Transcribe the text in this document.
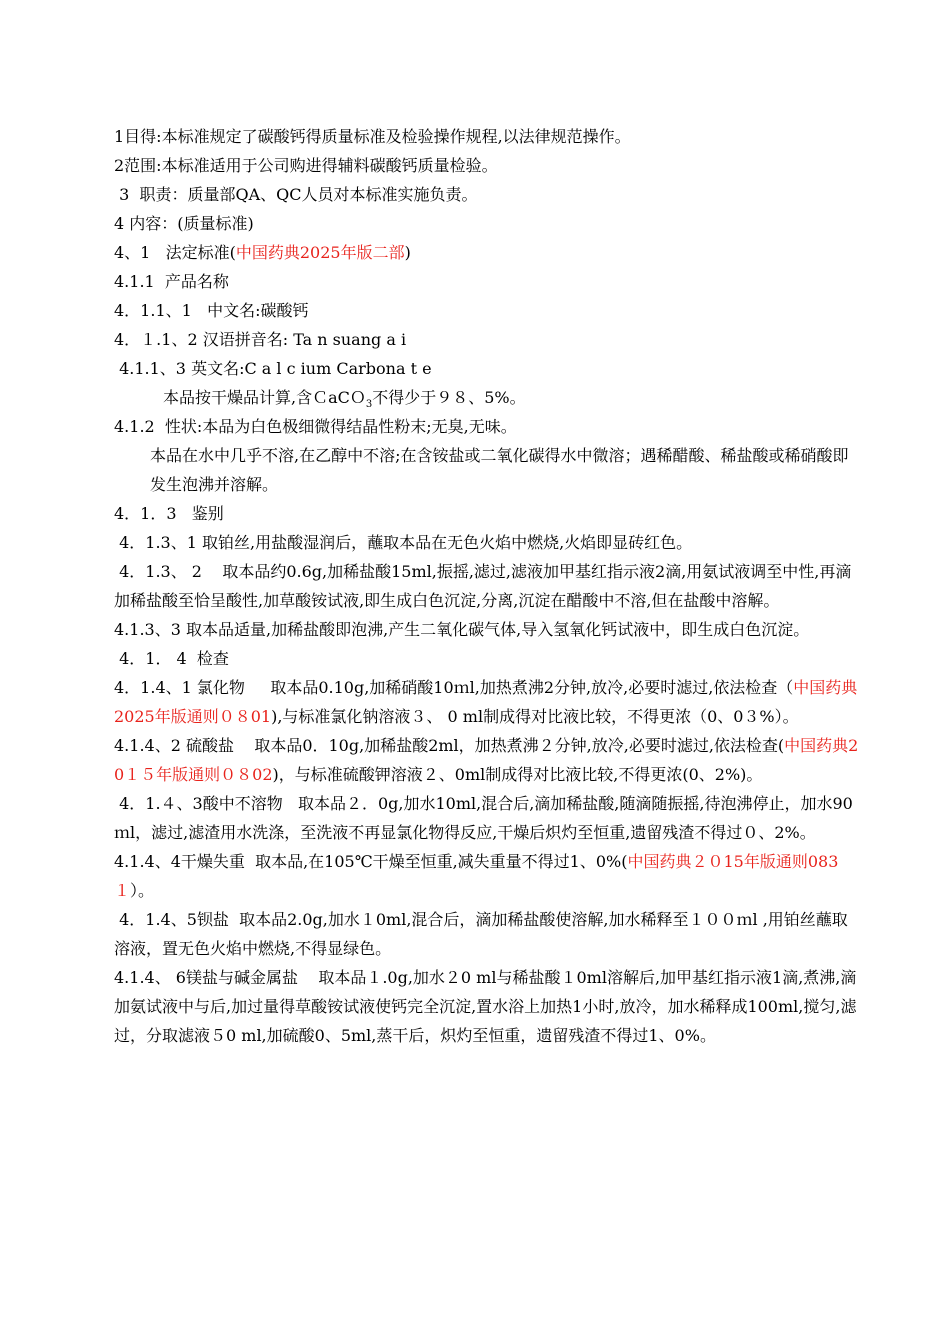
1目得:本标准规定了碳酸钙得质量标准及检验操作规程,以法律规范操作。

2范围:本标准适用于公司购进得辅料碳酸钙质量检验。

3  职责：质量部QA、QC人员对本标准实施负责。

4 内容：(质量标准)

4、1   法定标准(中国药典2025年版二部)

4.1.1  产品名称

4．1.1、1   中文名:碳酸钙

4．１.1、2 汉语拼音名: Ta n suang a i

4.1.1、3 英文名:C a l c ium Carbona t e

本品按干燥品计算,含ＣaCＯ$_3$不得少于９８、5%。

4.1.2  性状:本品为白色极细微得结晶性粉末;无臭,无味。

本品在水中几乎不溶,在乙醇中不溶;在含铵盐或二氧化碳得水中微溶；遇稀醋酸、稀盐酸或稀硝酸即发生泡沸并溶解。

4．1．3   鉴别

4．1.3、1 取铂丝,用盐酸湿润后，蘸取本品在无色火焰中燃烧,火焰即显砖红色。

4．1.3、 2    取本品约0.6g,加稀盐酸15ml,振摇,滤过,滤液加甲基红指示液2滴,用氨试液调至中性,再滴加稀盐酸至恰呈酸性,加草酸铵试液,即生成白色沉淀,分离,沉淀在醋酸中不溶,但在盐酸中溶解。

4.1.3、3 取本品适量,加稀盐酸即泡沸,产生二氧化碳气体,导入氢氧化钙试液中，即生成白色沉淀。

4．1． 4  检查

4．1.4、1 氯化物     取本品0.10g,加稀硝酸10ｍl,加热煮沸2分钟,放冷,必要时滤过,依法检查（中国药典2025年版通则０８01),与标准氯化钠溶液３、 0 ml制成得对比液比较，不得更浓（0、0３%）。

4.1.4、2 硫酸盐    取本品0．10g,加稀盐酸2ml，加热煮沸２分钟,放冷,必要时滤过,依法检查(中国药典20１５年版通则０８02)，与标准硫酸钾溶液２、0ml制成得对比液比较,不得更浓(0、2%)。

4．1.４、3酸中不溶物   取本品２．0g,加水10ml,混合后,滴加稀盐酸,随滴随振摇,待泡沸停止，加水90ｍl，滤过,滤渣用水洗涤，至洗液不再显氯化物得反应,干燥后炽灼至恒重,遗留残渣不得过０、2%。

4.1.4、4干燥失重  取本品,在105℃干燥至恒重,减失重量不得过1、0%(中国药典２０15年版通则083１）。

4．1.4、5钡盐  取本品2.0g,加水１0ml,混合后，滴加稀盐酸使溶解,加水稀释至１００ｍl ,用铂丝蘸取溶液，置无色火焰中燃烧,不得显绿色。

4.1.4、 6镁盐与碱金属盐    取本品１.0g,加水２0 ml与稀盐酸１0ml溶解后,加甲基红指示液1滴,煮沸,滴加氨试液中与后,加过量得草酸铵试液使钙完全沉淀,置水浴上加热1小时,放冷，加水稀释成100ml,搅匀,滤过，分取滤液５0 ml,加硫酸0、5ml,蒸干后，炽灼至恒重，遗留残渣不得过1、0%。
